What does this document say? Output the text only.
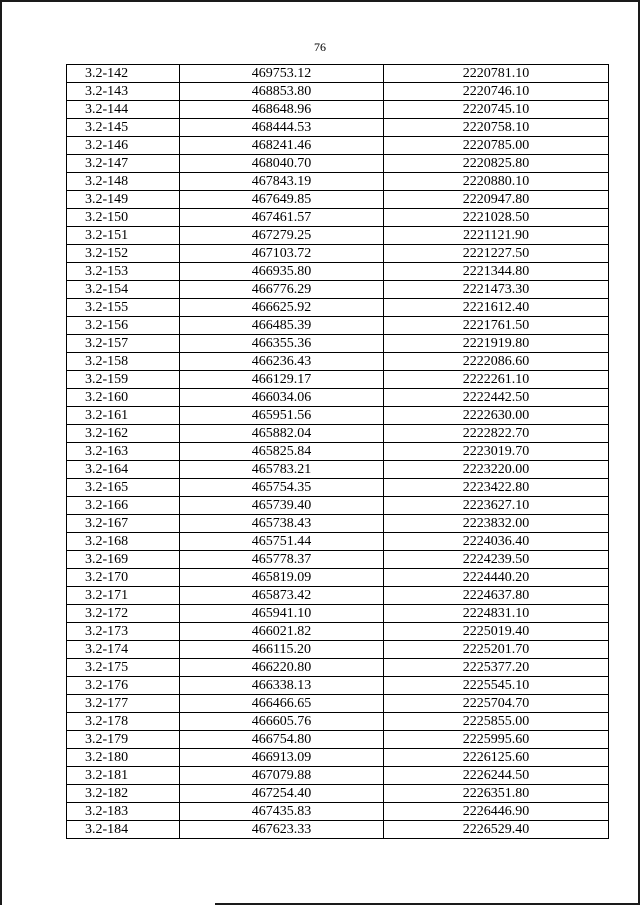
76
3.2-142	469753.12	2220781.10
3.2-143	468853.80	2220746.10
3.2-144	468648.96	2220745.10
3.2-145	468444.53	2220758.10
3.2-146	468241.46	2220785.00
3.2-147	468040.70	2220825.80
3.2-148	467843.19	2220880.10
3.2-149	467649.85	2220947.80
3.2-150	467461.57	2221028.50
3.2-151	467279.25	2221121.90
3.2-152	467103.72	2221227.50
3.2-153	466935.80	2221344.80
3.2-154	466776.29	2221473.30
3.2-155	466625.92	2221612.40
3.2-156	466485.39	2221761.50
3.2-157	466355.36	2221919.80
3.2-158	466236.43	2222086.60
3.2-159	466129.17	2222261.10
3.2-160	466034.06	2222442.50
3.2-161	465951.56	2222630.00
3.2-162	465882.04	2222822.70
3.2-163	465825.84	2223019.70
3.2-164	465783.21	2223220.00
3.2-165	465754.35	2223422.80
3.2-166	465739.40	2223627.10
3.2-167	465738.43	2223832.00
3.2-168	465751.44	2224036.40
3.2-169	465778.37	2224239.50
3.2-170	465819.09	2224440.20
3.2-171	465873.42	2224637.80
3.2-172	465941.10	2224831.10
3.2-173	466021.82	2225019.40
3.2-174	466115.20	2225201.70
3.2-175	466220.80	2225377.20
3.2-176	466338.13	2225545.10
3.2-177	466466.65	2225704.70
3.2-178	466605.76	2225855.00
3.2-179	466754.80	2225995.60
3.2-180	466913.09	2226125.60
3.2-181	467079.88	2226244.50
3.2-182	467254.40	2226351.80
3.2-183	467435.83	2226446.90
3.2-184	467623.33	2226529.40
